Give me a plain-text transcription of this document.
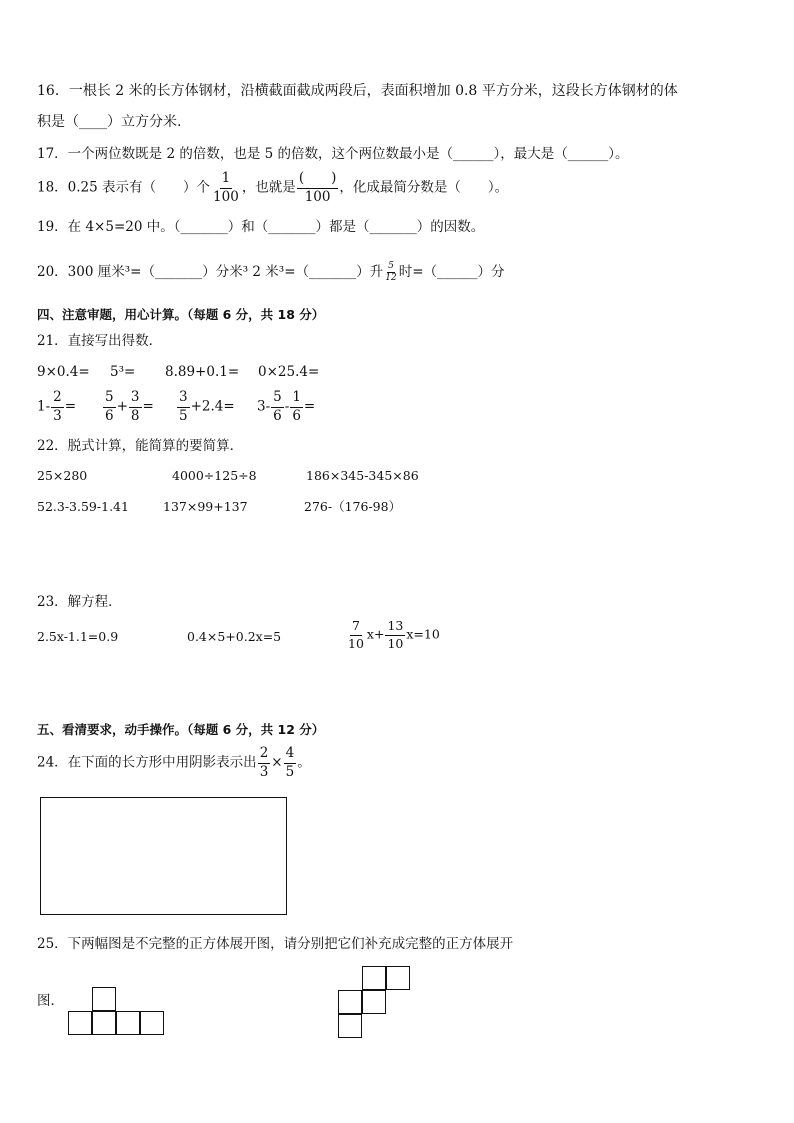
16．一根长 2 米的长方体钢材，沿横截面截成两段后，表面积增加 0.8 平方分米，这段长方体钢材的体
积是（____）立方分米.
17．一个两位数既是 2 的倍数，也是 5 的倍数，这个两位数最小是（______），最大是（______）。
18．0.25 表示有（　　）个 $\frac{1}{100}$ ，也就是 $\frac{( )}{100}$ ，化成最简分数是（　　）。
19．在 4×5=20 中。（_______）和（_______）都是（_______）的因数。
20．300 厘米³=（_______）分米³ 2 米³=（_______）升 $\frac{5}{12}$ 时=（______）分
四、注意审题，用心计算。（每题 6 分，共 18 分）
21．直接写出得数．
9×0.4= 5³= 8.89+0.1= 0×25.4=
$1- \frac{2}{3} = \frac{5}{6} + \frac{3}{8} = \frac{3}{5} +2.4= 3- \frac{5}{6} - \frac{1}{6}$ =
22．脱式计算，能简算的要简算．
25×280	4000÷125÷8	186×345-345×86
52.3-3.59-1.41	137×99+137	276-（176-98）
23．解方程．
2.5x-1.1=0.9	0.4×5+0.2x=5	$\frac{7}{10} x+ \frac{13}{10} x=10$
五、看清要求，动手操作。（每题 6 分，共 12 分）
24．在下面的长方形中用阴影表示出 $\frac{2}{3} \times \frac{4}{5}$ 。
25．下两幅图是不完整的正方体展开图，请分别把它们补充成完整的正方体展开
图．
